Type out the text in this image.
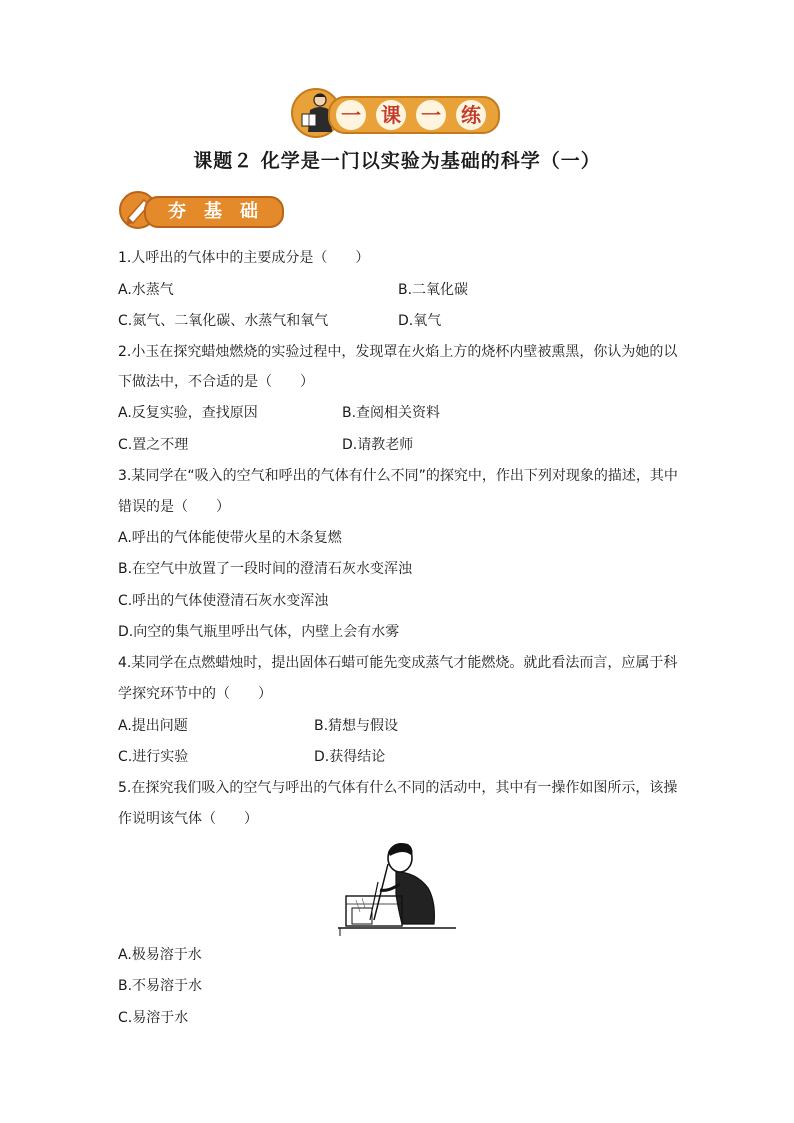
一 课 一 练
课题２ 化学是一门以实验为基础的科学（一）
夯 基 础
1.人呼出的气体中的主要成分是（　　）
A.水蒸气	B.二氧化碳
C.氮气、二氧化碳、水蒸气和氧气	D.氧气
2.小玉在探究蜡烛燃烧的实验过程中，发现罩在火焰上方的烧杯内壁被熏黑，你认为她的以
下做法中，不合适的是（　　）
A.反复实验，查找原因	B.查阅相关资料
C.置之不理	D.请教老师
3.某同学在“吸入的空气和呼出的气体有什么不同”的探究中，作出下列对现象的描述，其中
错误的是（　　）
A.呼出的气体能使带火星的木条复燃
B.在空气中放置了一段时间的澄清石灰水变浑浊
C.呼出的气体使澄清石灰水变浑浊
D.向空的集气瓶里呼出气体，内壁上会有水雾
4.某同学在点燃蜡烛时，提出固体石蜡可能先变成蒸气才能燃烧。就此看法而言，应属于科
学探究环节中的（　　）
A.提出问题	B.猜想与假设
C.进行实验	D.获得结论
5.在探究我们吸入的空气与呼出的气体有什么不同的活动中，其中有一操作如图所示，该操
作说明该气体（　　）
A.极易溶于水
B.不易溶于水
C.易溶于水
